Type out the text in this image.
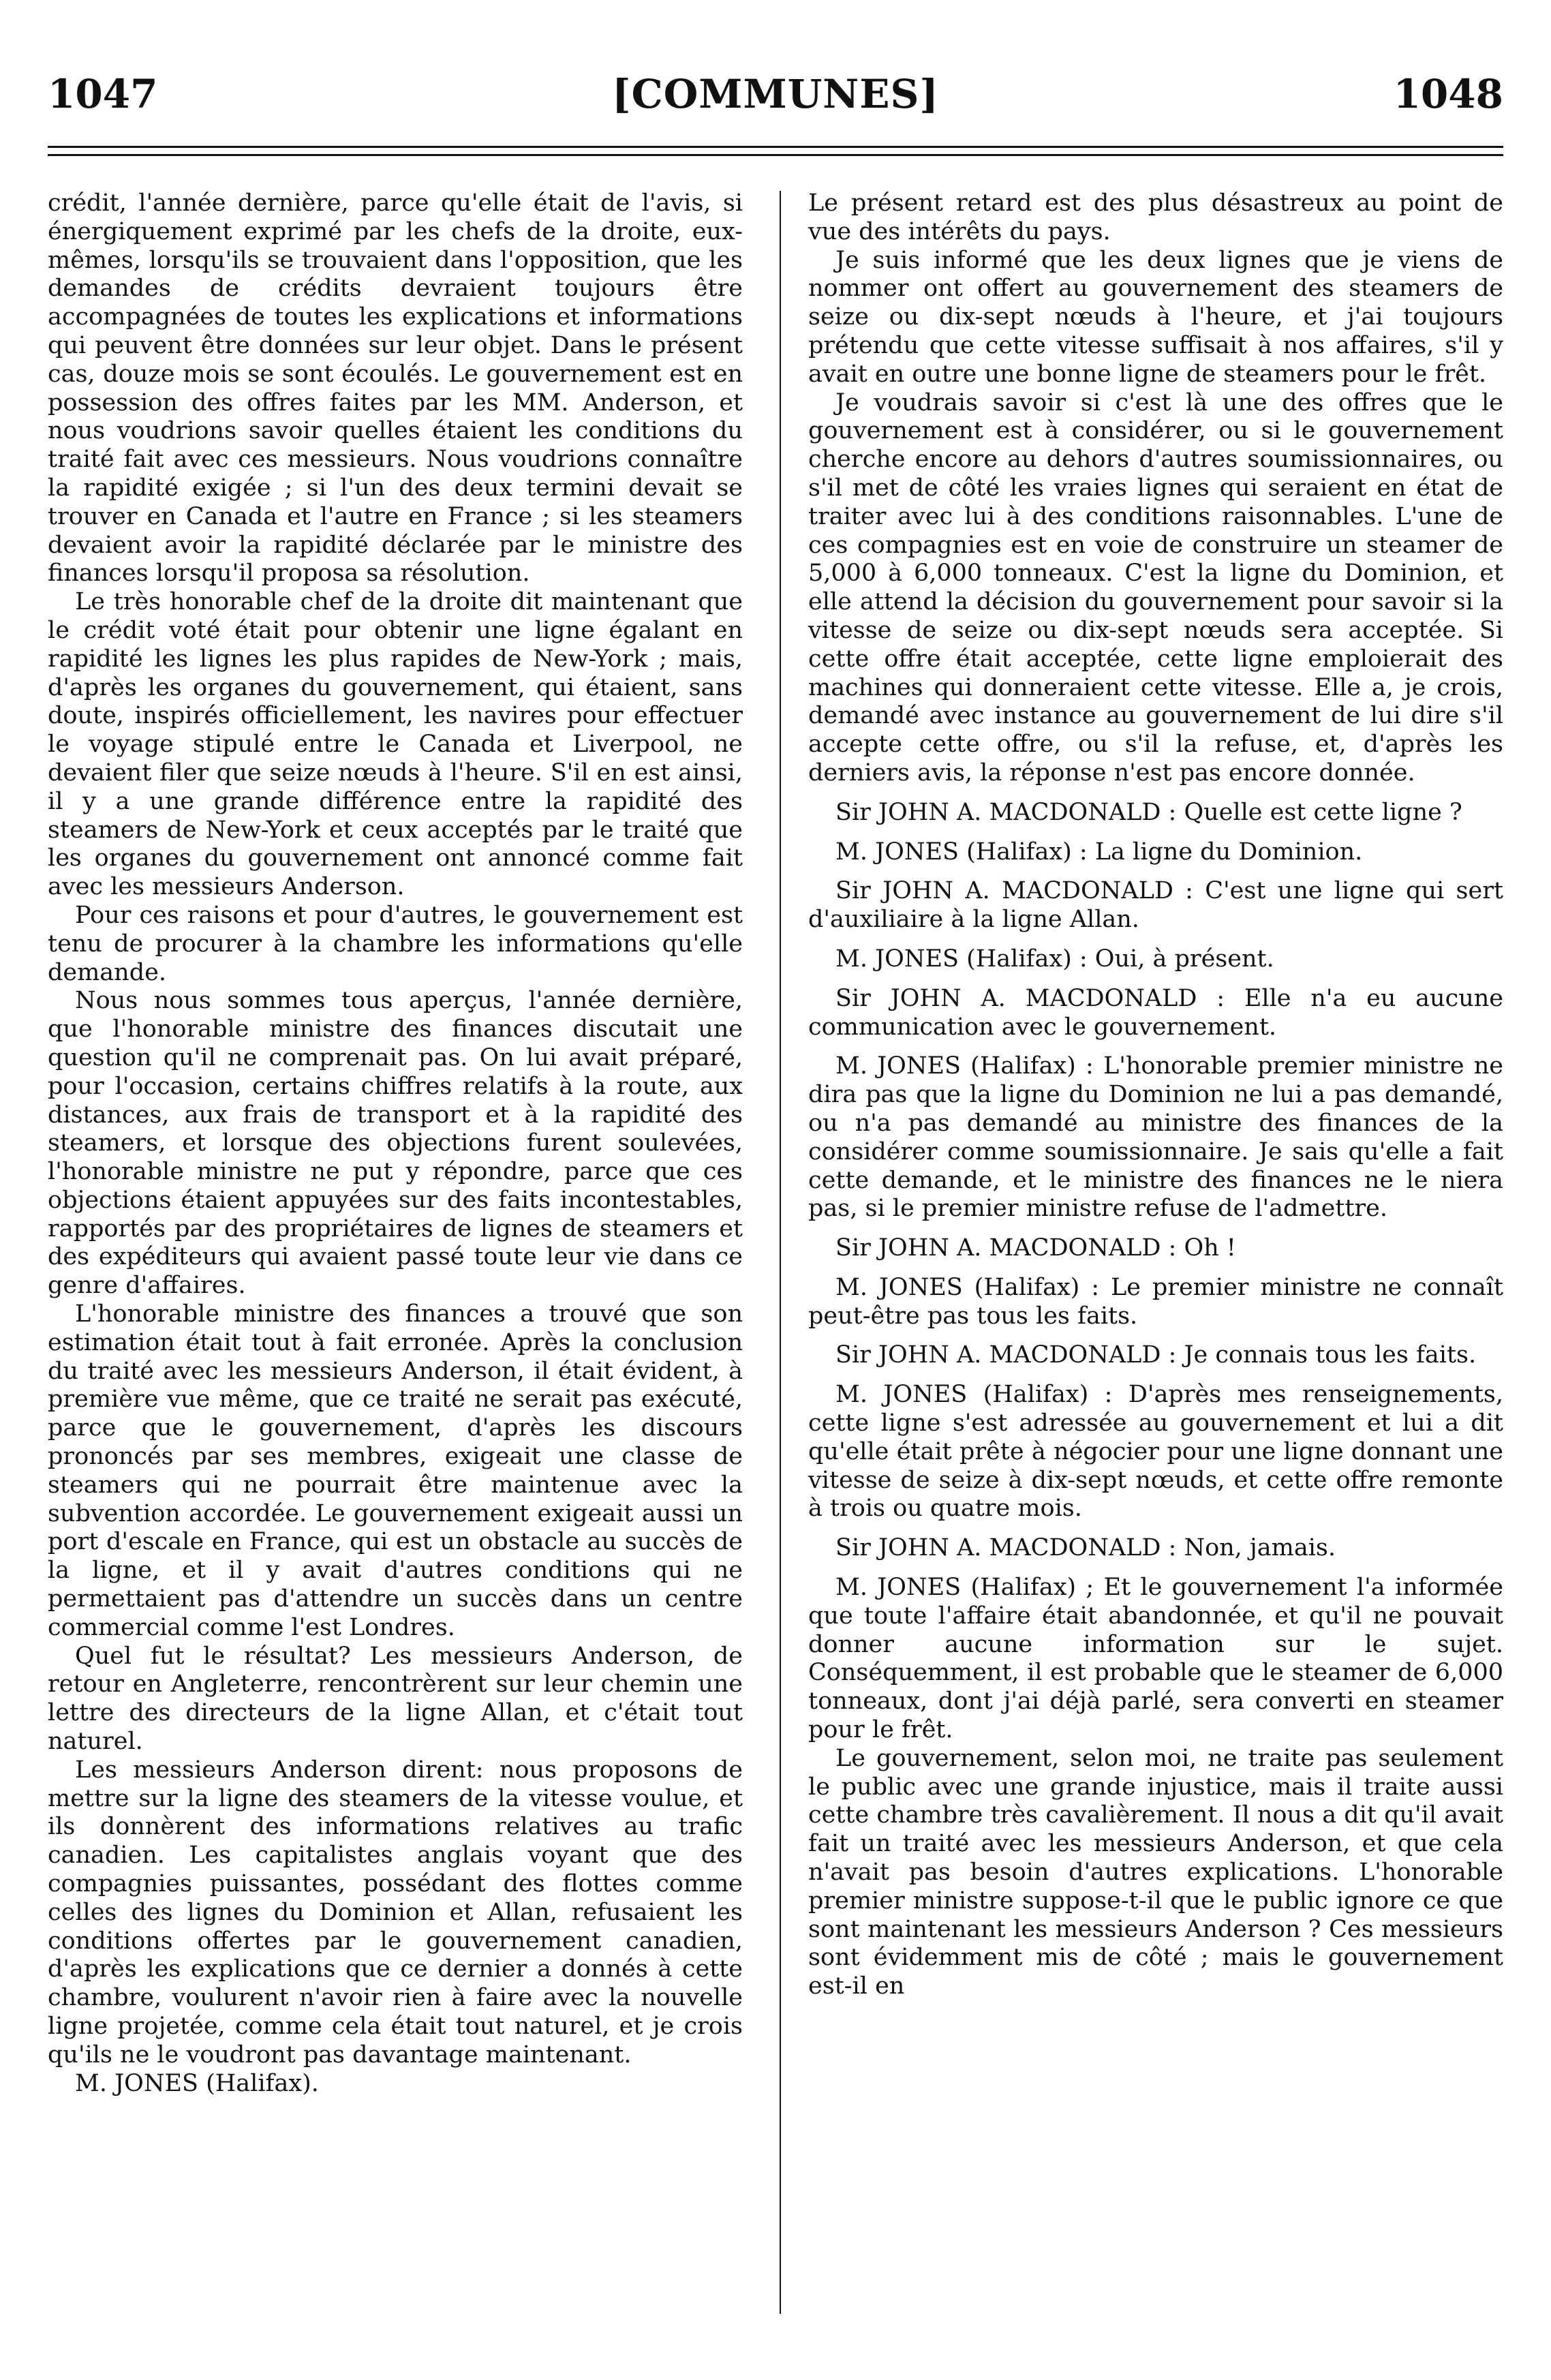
1047	[COMMUNES]	1048

crédit, l'année dernière, parce qu'elle était de l'avis, si énergiquement exprimé par les chefs de la droite, eux-mêmes, lorsqu'ils se trouvaient dans l'opposition, que les demandes de crédits devraient toujours être accompagnées de toutes les explications et informations qui peuvent être données sur leur objet. Dans le présent cas, douze mois se sont écoulés. Le gouvernement est en possession des offres faites par les MM. Anderson, et nous voudrions savoir quelles étaient les conditions du traité fait avec ces messieurs. Nous voudrions connaître la rapidité exigée ; si l'un des deux termini devait se trouver en Canada et l'autre en France ; si les steamers devaient avoir la rapidité déclarée par le ministre des finances lorsqu'il proposa sa résolution.

Le très honorable chef de la droite dit maintenant que le crédit voté était pour obtenir une ligne égalant en rapidité les lignes les plus rapides de New-York ; mais, d'après les organes du gouvernement, qui étaient, sans doute, inspirés officiellement, les navires pour effectuer le voyage stipulé entre le Canada et Liverpool, ne devaient filer que seize nœuds à l'heure. S'il en est ainsi, il y a une grande différence entre la rapidité des steamers de New-York et ceux acceptés par le traité que les organes du gouvernement ont annoncé comme fait avec les messieurs Anderson.

Pour ces raisons et pour d'autres, le gouvernement est tenu de procurer à la chambre les informations qu'elle demande.

Nous nous sommes tous aperçus, l'année dernière, que l'honorable ministre des finances discutait une question qu'il ne comprenait pas. On lui avait préparé, pour l'occasion, certains chiffres relatifs à la route, aux distances, aux frais de transport et à la rapidité des steamers, et lorsque des objections furent soulevées, l'honorable ministre ne put y répondre, parce que ces objections étaient appuyées sur des faits incontestables, rapportés par des propriétaires de lignes de steamers et des expéditeurs qui avaient passé toute leur vie dans ce genre d'affaires.

L'honorable ministre des finances a trouvé que son estimation était tout à fait erronée. Après la conclusion du traité avec les messieurs Anderson, il était évident, à première vue même, que ce traité ne serait pas exécuté, parce que le gouvernement, d'après les discours prononcés par ses membres, exigeait une classe de steamers qui ne pourrait être maintenue avec la subvention accordée. Le gouvernement exigeait aussi un port d'escale en France, qui est un obstacle au succès de la ligne, et il y avait d'autres conditions qui ne permettaient pas d'attendre un succès dans un centre commercial comme l'est Londres.

Quel fut le résultat? Les messieurs Anderson, de retour en Angleterre, rencontrèrent sur leur chemin une lettre des directeurs de la ligne Allan, et c'était tout naturel.

Les messieurs Anderson dirent: nous proposons de mettre sur la ligne des steamers de la vitesse voulue, et ils donnèrent des informations relatives au trafic canadien. Les capitalistes anglais voyant que des compagnies puissantes, possédant des flottes comme celles des lignes du Dominion et Allan, refusaient les conditions offertes par le gouvernement canadien, d'après les explications que ce dernier a donnés à cette chambre, voulurent n'avoir rien à faire avec la nouvelle ligne projetée, comme cela était tout naturel, et je crois qu'ils ne le voudront pas davantage maintenant.

M. JONES (Halifax).

Le présent retard est des plus désastreux au point de vue des intérêts du pays.

Je suis informé que les deux lignes que je viens de nommer ont offert au gouvernement des steamers de seize ou dix-sept nœuds à l'heure, et j'ai toujours prétendu que cette vitesse suffisait à nos affaires, s'il y avait en outre une bonne ligne de steamers pour le frêt.

Je voudrais savoir si c'est là une des offres que le gouvernement est à considérer, ou si le gouvernement cherche encore au dehors d'autres soumissionnaires, ou s'il met de côté les vraies lignes qui seraient en état de traiter avec lui à des conditions raisonnables. L'une de ces compagnies est en voie de construire un steamer de 5,000 à 6,000 tonneaux. C'est la ligne du Dominion, et elle attend la décision du gouvernement pour savoir si la vitesse de seize ou dix-sept nœuds sera acceptée. Si cette offre était acceptée, cette ligne emploierait des machines qui donneraient cette vitesse. Elle a, je crois, demandé avec instance au gouvernement de lui dire s'il accepte cette offre, ou s'il la refuse, et, d'après les derniers avis, la réponse n'est pas encore donnée.

Sir JOHN A. MACDONALD : Quelle est cette ligne ?

M. JONES (Halifax) : La ligne du Dominion.

Sir JOHN A. MACDONALD : C'est une ligne qui sert d'auxiliaire à la ligne Allan.

M. JONES (Halifax) : Oui, à présent.

Sir JOHN A. MACDONALD : Elle n'a eu aucune communication avec le gouvernement.

M. JONES (Halifax) : L'honorable premier ministre ne dira pas que la ligne du Dominion ne lui a pas demandé, ou n'a pas demandé au ministre des finances de la considérer comme soumissionnaire. Je sais qu'elle a fait cette demande, et le ministre des finances ne le niera pas, si le premier ministre refuse de l'admettre.

Sir JOHN A. MACDONALD : Oh !

M. JONES (Halifax) : Le premier ministre ne connaît peut-être pas tous les faits.

Sir JOHN A. MACDONALD : Je connais tous les faits.

M. JONES (Halifax) : D'après mes renseignements, cette ligne s'est adressée au gouvernement et lui a dit qu'elle était prête à négocier pour une ligne donnant une vitesse de seize à dix-sept nœuds, et cette offre remonte à trois ou quatre mois.

Sir JOHN A. MACDONALD : Non, jamais.

M. JONES (Halifax) ; Et le gouvernement l'a informée que toute l'affaire était abandonnée, et qu'il ne pouvait donner aucune information sur le sujet. Conséquemment, il est probable que le steamer de 6,000 tonneaux, dont j'ai déjà parlé, sera converti en steamer pour le frêt.

Le gouvernement, selon moi, ne traite pas seulement le public avec une grande injustice, mais il traite aussi cette chambre très cavalièrement. Il nous a dit qu'il avait fait un traité avec les messieurs Anderson, et que cela n'avait pas besoin d'autres explications. L'honorable premier ministre suppose-t-il que le public ignore ce que sont maintenant les messieurs Anderson ? Ces messieurs sont évidemment mis de côté ; mais le gouvernement est-il en
